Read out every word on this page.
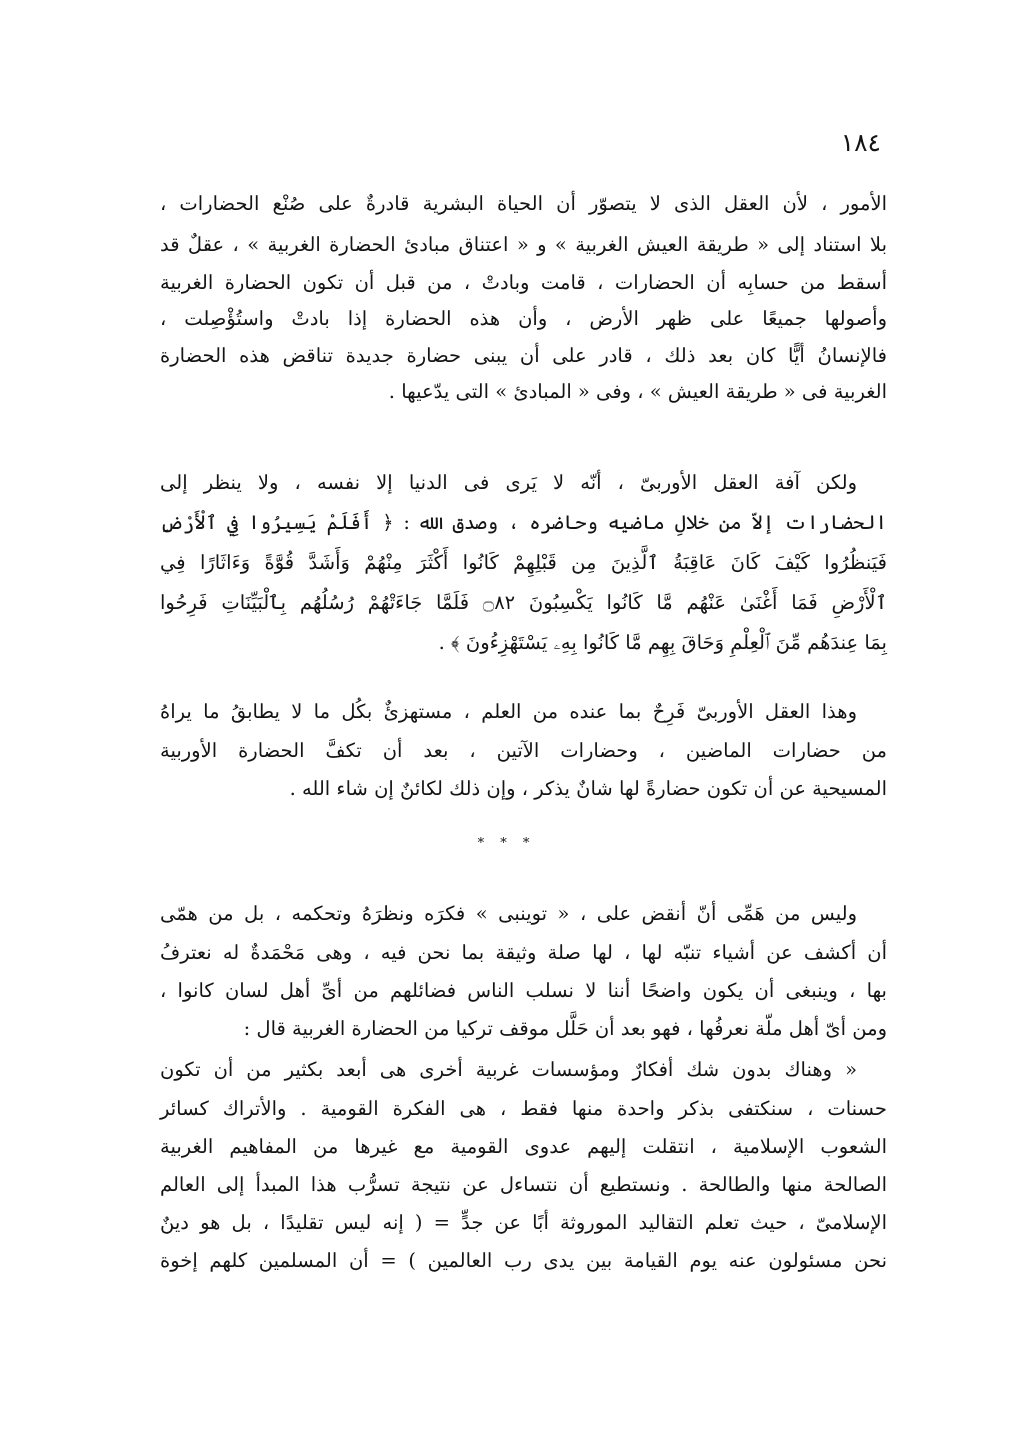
١٨٤
الأمور ، لأن العقل الذى لا يتصوّر أن الحياة البشرية قادرةٌ على صُنْع الحضارات ،
بلا استناد إلى « طريقة العيش الغربية » و « اعتناق مبادئ الحضارة الغربية » ، عقلٌ قد
أسقط من حسابِه أن الحضارات ، قامت وبادتْ ، من قبل أن تكون الحضارة الغربية
وأصولها جميعًا على ظهر الأرض ، وأن هذه الحضارة إذا بادتْ واستُؤْصِلت ،
فالإنسانُ أيًّا كان بعد ذلك ، قادر على أن يبنى حضارة جديدة تناقض هذه الحضارة
الغربية فى « طريقة العيش » ، وفى « المبادئ » التى يدّعيها .
ولكن آفة العقل الأوربىّ ، أنّه لا يَرى فى الدنيا إلا نفسه ، ولا ينظر إلى
الحضارات إلاّ من خلالِ ماضيه وحاضره ، وصدق الله : ﴿ أَفَلَمْ يَسِيرُوا فِي ٱلْأَرْضِ
فَيَنظُرُوا كَيْفَ كَانَ عَاقِبَةُ ٱلَّذِينَ مِن قَبْلِهِمْ كَانُوا أَكْثَرَ مِنْهُمْ وَأَشَدَّ قُوَّةً وَءَاثَارًا فِي
ٱلْأَرْضِ فَمَا أَغْنَىٰ عَنْهُم مَّا كَانُوا يَكْسِبُونَ ۝٨٢ فَلَمَّا جَاءَتْهُمْ رُسُلُهُم بِٱلْبَيِّنَاتِ فَرِحُوا
بِمَا عِندَهُم مِّنَ ٱلْعِلْمِ وَحَاقَ بِهِم مَّا كَانُوا بِهِۦ يَسْتَهْزِءُونَ ﴾ .
وهذا العقل الأوربىّ فَرِحٌ بما عنده من العلم ، مستهزئٌ بكُل ما لا يطابقُ ما يراهُ
من حضارات الماضين ، وحضارات الآتين ، بعد أن تكفَّ الحضارة الأوربية
المسيحية عن أن تكون حضارةً لها شانٌ يذكر ، وإن ذلك لكائنٌ إن شاء الله .
* * *
وليس من هَمِّى أنّ أنقض على ، « توينبى » فكرَه ونظرَهُ وتحكمه ، بل من همّى
أن أكشف عن أشياء تنبّه لها ، لها صلة وثيقة بما نحن فيه ، وهى مَحْمَدةٌ له نعترفُ
بها ، وينبغى أن يكون واضحًا أننا لا نسلب الناس فضائلهم من أىِّ أهل لسان كانوا ،
ومن أىّ أهل ملّة نعرفُها ، فهو بعد أن حَلَّل موقف تركيا من الحضارة الغربية قال :
« وهناك بدون شك أفكارٌ ومؤسسات غربية أخرى هى أبعد بكثير من أن تكون
حسنات ، سنكتفى بذكر واحدة منها فقط ، هى الفكرة القومية . والأتراك كسائر
الشعوب الإسلامية ، انتقلت إليهم عدوى القومية مع غيرها من المفاهيم الغربية
الصالحة منها والطالحة . ونستطيع أن نتساءل عن نتيجة تسرُّب هذا المبدأ إلى العالم
الإسلامىّ ، حيث تعلم التقاليد الموروثة أبًا عن جدٍّ = ( إنه ليس تقليدًا ، بل هو دينٌ
نحن مسئولون عنه يوم القيامة بين يدى رب العالمين ) = أن المسلمين كلهم إخوة
